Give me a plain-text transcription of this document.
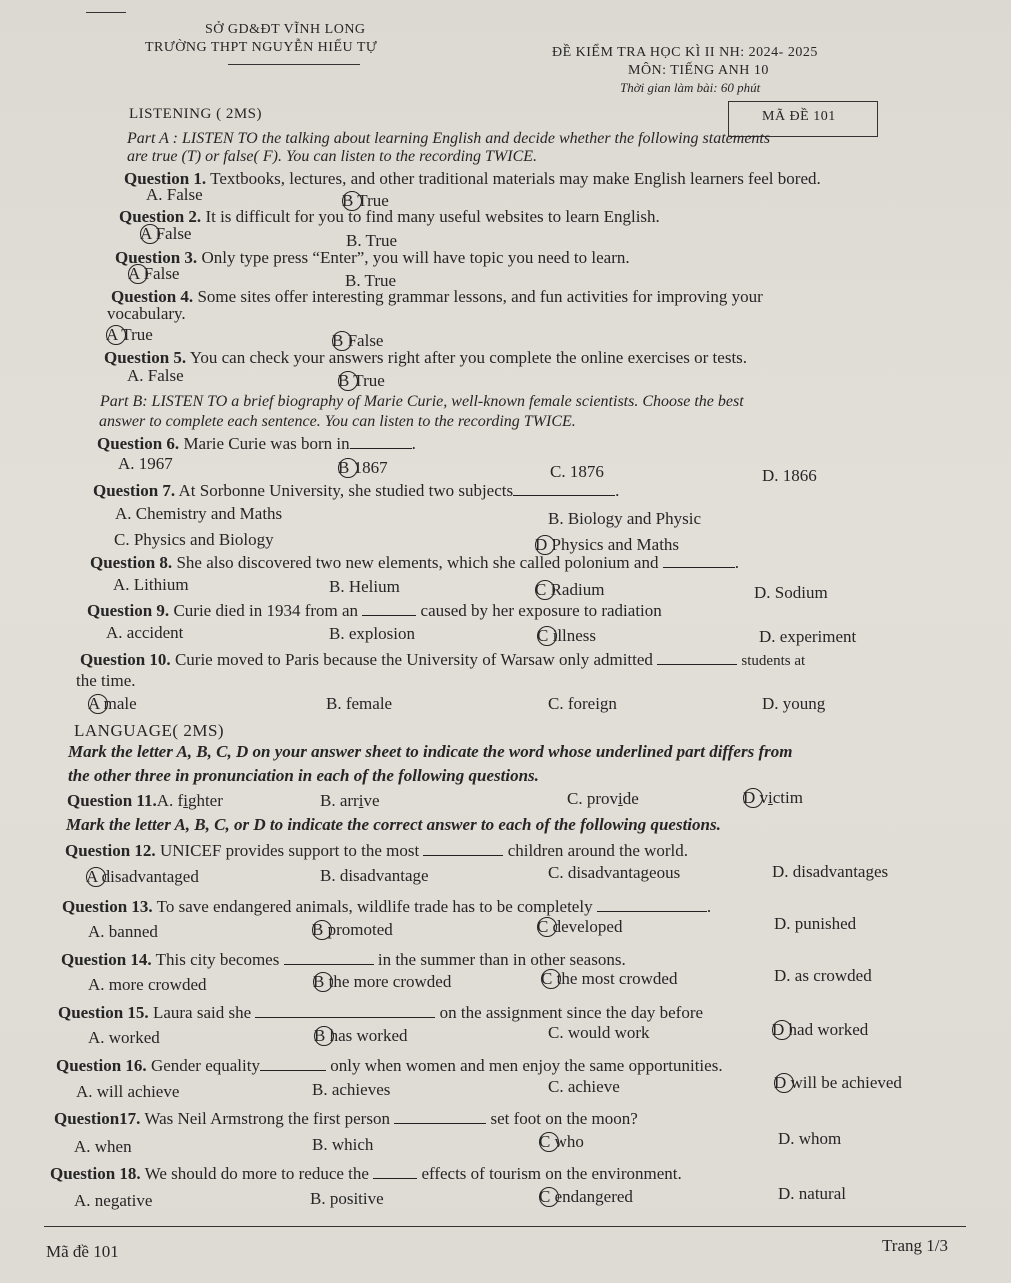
SỞ GD&ĐT VĨNH LONG
TRƯỜNG THPT NGUYỄN HIẾU TỰ	ĐỀ KIỂM TRA HỌC KÌ II NH: 2024- 2025
MÔN: TIẾNG ANH 10
Thời gian làm bài: 60 phút
MÃ ĐỀ 101
LISTENING ( 2MS)
Part A : LISTEN TO the talking about learning English and decide whether the following statements
are true (T) or false( F). You can listen to the recording TWICE.
Question 1. Textbooks, lectures, and other traditional materials may make English learners feel bored.
A. False	B True
Question 2. It is difficult for you to find many useful websites to learn English.
A False	B. True
Question 3. Only type press “Enter”, you will have topic you need to learn.
A False	B. True
Question 4. Some sites offer interesting grammar lessons, and fun activities for improving your
vocabulary.
A True	B False
Question 5. You can check your answers right after you complete the online exercises or tests.
A. False	B True
Part B: LISTEN TO a brief biography of Marie Curie, well-known female scientists. Choose the best
answer to complete each sentence. You can listen to the recording TWICE.
Question 6. Marie Curie was born in	.
A. 1967	B 1867	C. 1876	D. 1866
Question 7. At Sorbonne University, she studied two subjects	.
A. Chemistry and Maths	B. Biology and Physic
C. Physics and Biology	D Physics and Maths
Question 8. She also discovered two new elements, which she called polonium and	.
A. Lithium	B. Helium	C Radium	D. Sodium
Question 9. Curie died in 1934 from an	caused by her exposure to radiation
A. accident	B. explosion	C illness	D. experiment
Question 10. Curie moved to Paris because the University of Warsaw only admitted	students at
the time.
A male	B. female	C. foreign	D. young
LANGUAGE( 2MS)
Mark the letter A, B, C, D on your answer sheet to indicate the word whose underlined part differs from
the other three in pronunciation in each of the following questions.
Question 11.A. fighter	B. arrive	C. provide	D victim
Mark the letter A, B, C, or D to indicate the correct answer to each of the following questions.
Question 12. UNICEF provides support to the most	children around the world.
A disadvantaged	B. disadvantage	C. disadvantageous	D. disadvantages
Question 13. To save endangered animals, wildlife trade has to be completely	.
A. banned	B promoted	C developed	D. punished
Question 14. This city becomes	in the summer than in other seasons.
A. more crowded	B the more crowded	C the most crowded	D. as crowded
Question 15. Laura said she	on the assignment since the day before
A. worked	B has worked	C. would work	D had worked
Question 16. Gender equality	only when women and men enjoy the same opportunities.
A. will achieve	B. achieves	C. achieve	D will be achieved
Question17. Was Neil Armstrong the first person	set foot on the moon?
A. when	B. which	C who	D. whom
Question 18. We should do more to reduce the	effects of tourism on the environment.
A. negative	B. positive	C endangered	D. natural
Mã đề 101	Trang 1/3
